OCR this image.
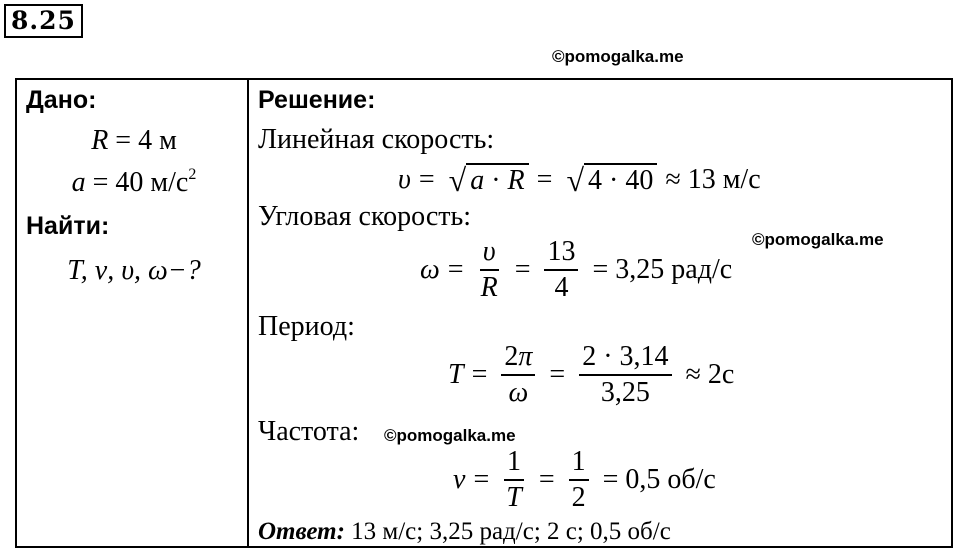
8.25
©pomogalka.me
©pomogalka.me
©pomogalka.me
Дано:
R = 4 м
a = 40 $м/с^2$
Найти:
T, ν, υ, ω−?
Решение:
Линейная скорость:
υ = √ a · R = √ 4 · 40 ≈ 13 м/с
Угловая скорость:
$\omega = \frac{\upsilon}{R} = \frac{13}{4} = 3,25$ рад/с
Период:
$T = \frac{2\pi}{\omega} = \frac{2 \cdot 3,14}{3,25} \approx 2с$
Частота:
$\nu = \frac{1}{T} = \frac{1}{2} = 0,5$ об/с
Ответ: 13 м/с; 3,25 рад/с; 2 с; 0,5 об/с
